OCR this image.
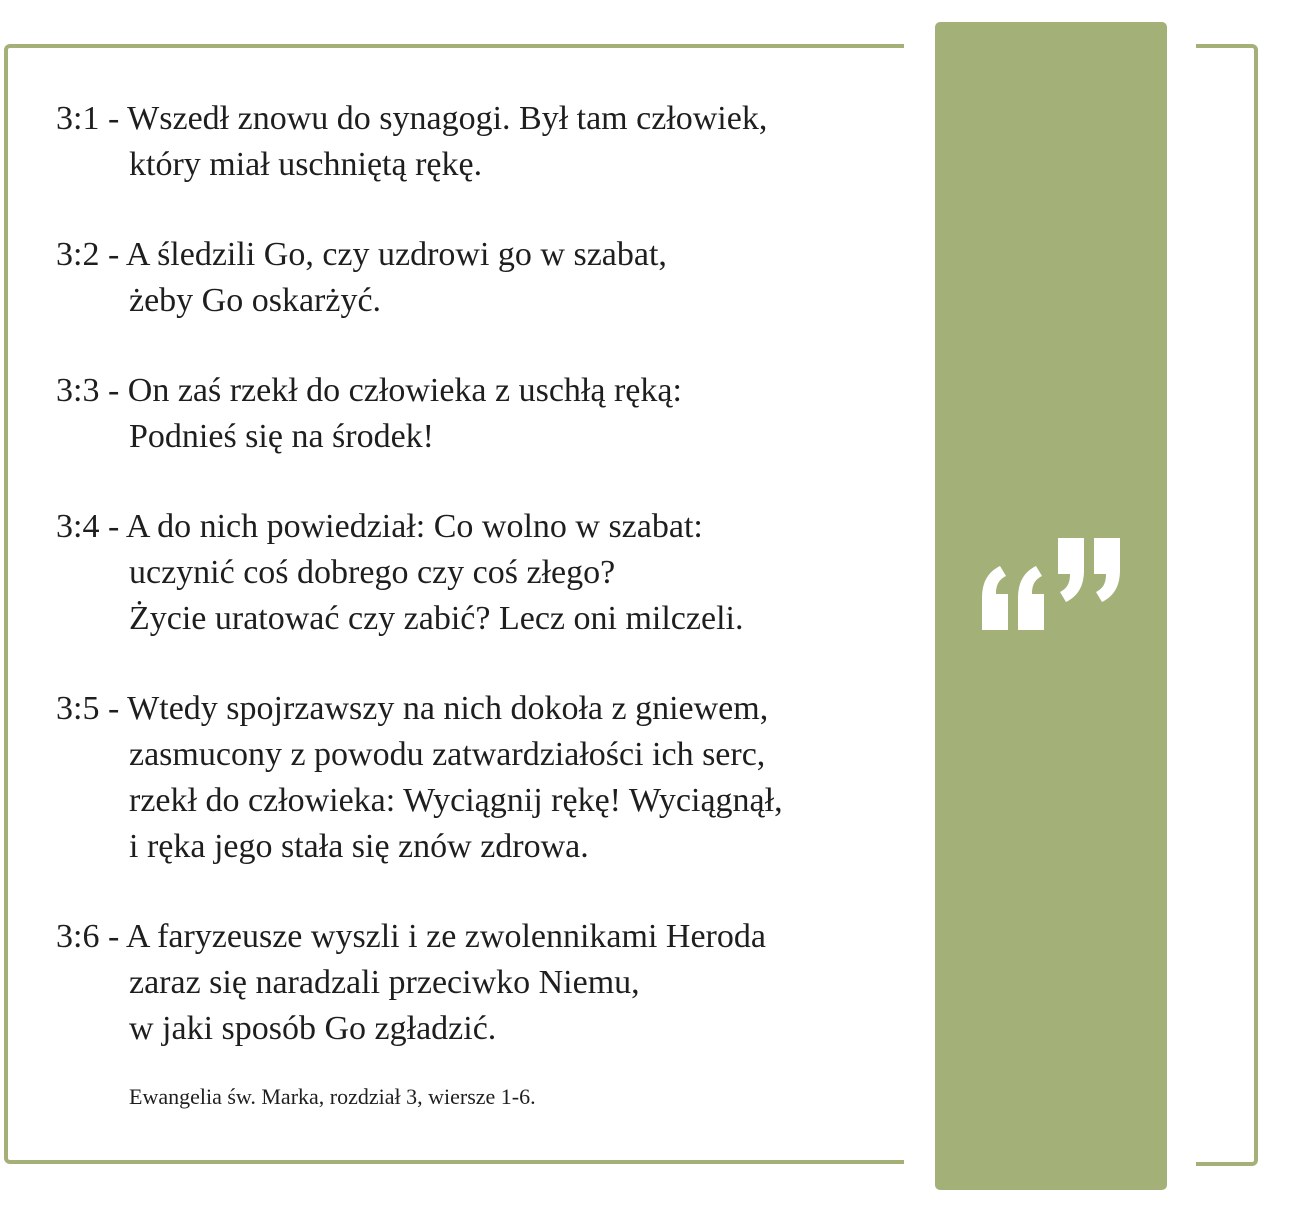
3:1 - Wszedł znowu do synagogi. Był tam człowiek,
który miał uschniętą rękę.
3:2 - A śledzili Go, czy uzdrowi go w szabat,
żeby Go oskarżyć.
3:3 - On zaś rzekł do człowieka z uschłą ręką:
Podnieś się na środek!
3:4 - A do nich powiedział: Co wolno w szabat:
uczynić coś dobrego czy coś złego?
Życie uratować czy zabić? Lecz oni milczeli.
3:5 - Wtedy spojrzawszy na nich dokoła z gniewem,
zasmucony z powodu zatwardziałości ich serc,
rzekł do człowieka: Wyciągnij rękę! Wyciągnął,
i ręka jego stała się znów zdrowa.
3:6 - A faryzeusze wyszli i ze zwolennikami Heroda
zaraz się naradzali przeciwko Niemu,
w jaki sposób Go zgładzić.
Ewangelia św. Marka, rozdział 3, wiersze 1-6.
